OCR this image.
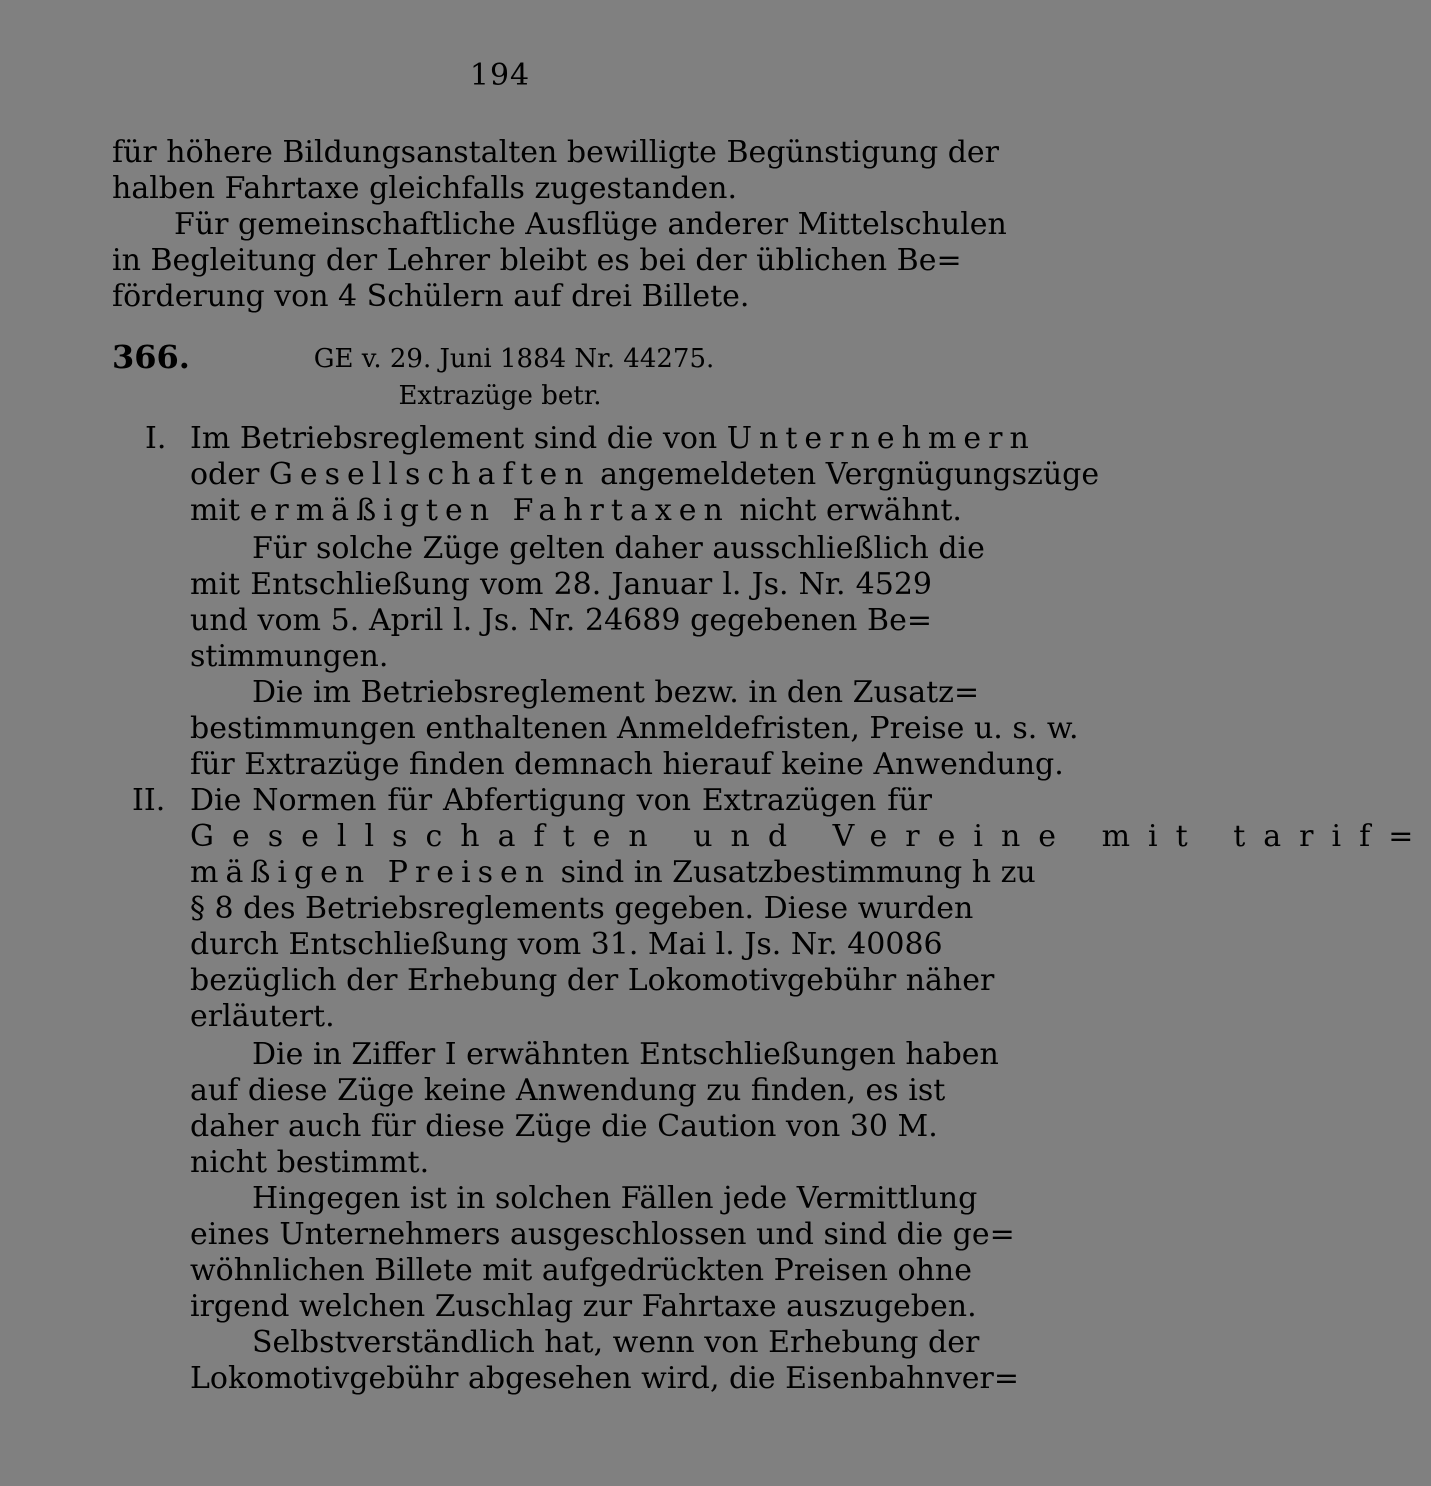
194
für höhere Bildungsanstalten bewilligte Begünstigung der
halben Fahrtaxe gleichfalls zugestanden.
Für gemeinschaftliche Ausflüge anderer Mittelschulen
in Begleitung der Lehrer bleibt es bei der üblichen Be=
förderung von 4 Schülern auf drei Billete.
366.	GE v. 29. Juni 1884 Nr. 44275.
Extrazüge betr.
I. Im Betriebsreglement sind die von Unternehmern
oder Gesellschaften angemeldeten Vergnügungszüge
mit ermäßigten Fahrtaxen nicht erwähnt.
Für solche Züge gelten daher ausschließlich die
mit Entschließung vom 28. Januar l. Js. Nr. 4529
und vom 5. April l. Js. Nr. 24689 gegebenen Be=
stimmungen.
Die im Betriebsreglement bezw. in den Zusatz=
bestimmungen enthaltenen Anmeldefristen, Preise u. s. w.
für Extrazüge finden demnach hierauf keine Anwendung.
II. Die Normen für Abfertigung von Extrazügen für
Gesellschaften und Vereine mit tarif=
mäßigen Preisen sind in Zusatzbestimmung h zu
§ 8 des Betriebsreglements gegeben. Diese wurden
durch Entschließung vom 31. Mai l. Js. Nr. 40086
bezüglich der Erhebung der Lokomotivgebühr näher
erläutert.
Die in Ziffer I erwähnten Entschließungen haben
auf diese Züge keine Anwendung zu finden, es ist
daher auch für diese Züge die Caution von 30 M.
nicht bestimmt.
Hingegen ist in solchen Fällen jede Vermittlung
eines Unternehmers ausgeschlossen und sind die ge=
wöhnlichen Billete mit aufgedrückten Preisen ohne
irgend welchen Zuschlag zur Fahrtaxe auszugeben.
Selbstverständlich hat, wenn von Erhebung der
Lokomotivgebühr abgesehen wird, die Eisenbahnver=
